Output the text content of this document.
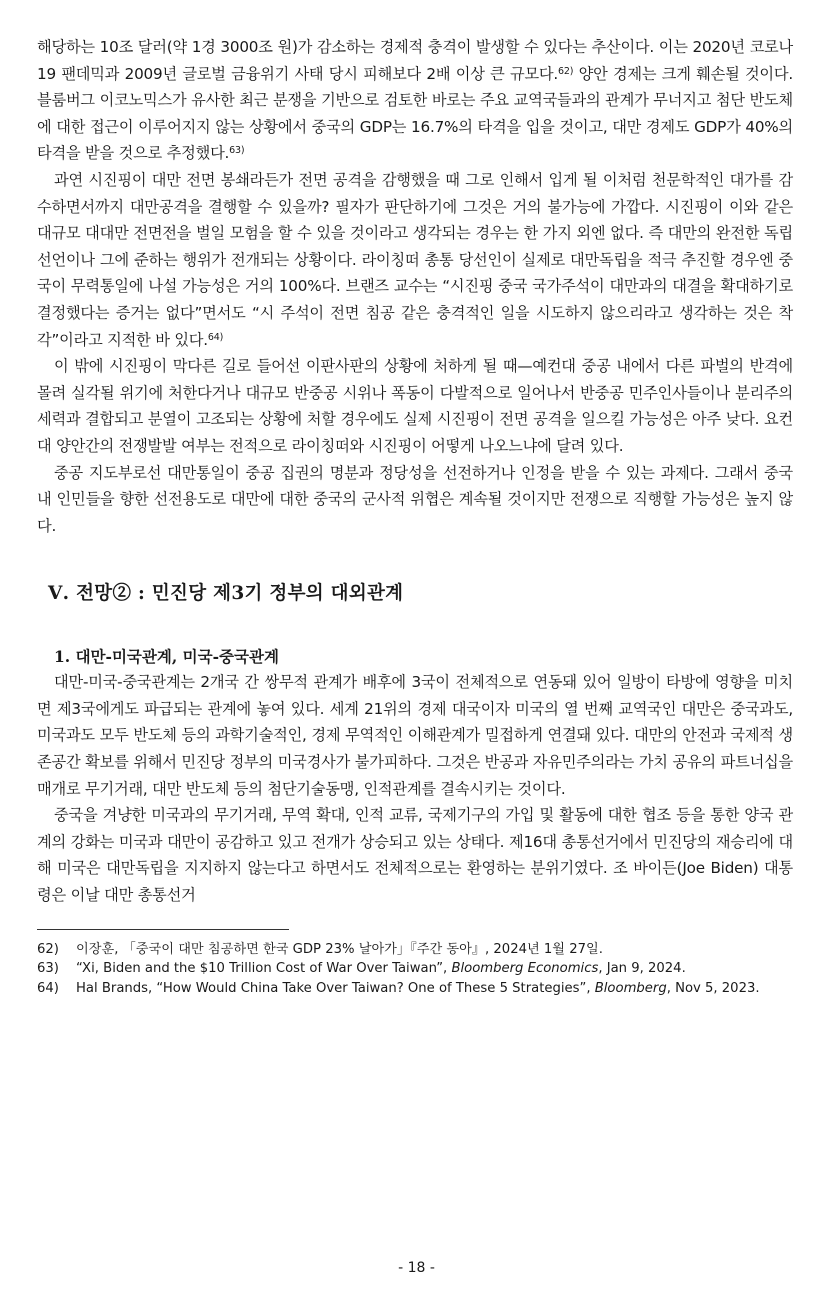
해당하는 10조 달러(약 1경 3000조 원)가 감소하는 경제적 충격이 발생할 수 있다는 추산이다. 이는 2020년 코로나19 팬데믹과 2009년 글로벌 금융위기 사태 당시 피해보다 2배 이상 큰 규모다.$^{62)}$ 양안 경제는 크게 훼손될 것이다. 블룸버그 이코노믹스가 유사한 최근 분쟁을 기반으로 검토한 바로는 주요 교역국들과의 관계가 무너지고 첨단 반도체에 대한 접근이 이루어지지 않는 상황에서 중국의 GDP는 16.7%의 타격을 입을 것이고, 대만 경제도 GDP가 40%의 타격을 받을 것으로 추정했다.$^{63)}$

과연 시진핑이 대만 전면 봉쇄라든가 전면 공격을 감행했을 때 그로 인해서 입게 될 이처럼 천문학적인 대가를 감수하면서까지 대만공격을 결행할 수 있을까? 필자가 판단하기에 그것은 거의 불가능에 가깝다. 시진핑이 이와 같은 대규모 대대만 전면전을 벌일 모험을 할 수 있을 것이라고 생각되는 경우는 한 가지 외엔 없다. 즉 대만의 완전한 독립선언이나 그에 준하는 행위가 전개되는 상황이다. 라이칭떠 총통 당선인이 실제로 대만독립을 적극 추진할 경우엔 중국이 무력통일에 나설 가능성은 거의 100%다. 브랜즈 교수는 “시진핑 중국 국가주석이 대만과의 대결을 확대하기로 결정했다는 증거는 없다”면서도 “시 주석이 전면 침공 같은 충격적인 일을 시도하지 않으리라고 생각하는 것은 착각”이라고 지적한 바 있다.$^{64)}$

이 밖에 시진핑이 막다른 길로 들어선 이판사판의 상황에 처하게 될 때—예컨대 중공 내에서 다른 파벌의 반격에 몰려 실각될 위기에 처한다거나 대규모 반중공 시위나 폭동이 다발적으로 일어나서 반중공 민주인사들이나 분리주의세력과 결합되고 분열이 고조되는 상황에 처할 경우에도 실제 시진핑이 전면 공격을 일으킬 가능성은 아주 낮다. 요컨대 양안간의 전쟁발발 여부는 전적으로 라이칭떠와 시진핑이 어떻게 나오느냐에 달려 있다.

중공 지도부로선 대만통일이 중공 집권의 명분과 정당성을 선전하거나 인정을 받을 수 있는 과제다. 그래서 중국 내 인민들을 향한 선전용도로 대만에 대한 중국의 군사적 위협은 계속될 것이지만 전쟁으로 직행할 가능성은 높지 않다.

Ⅴ. 전망② : 민진당 제3기 정부의 대외관계
1. 대만-미국관계, 미국-중국관계

대만-미국-중국관계는 2개국 간 쌍무적 관계가 배후에 3국이 전체적으로 연동돼 있어 일방이 타방에 영향을 미치면 제3국에게도 파급되는 관계에 놓여 있다. 세계 21위의 경제 대국이자 미국의 열 번째 교역국인 대만은 중국과도, 미국과도 모두 반도체 등의 과학기술적인, 경제 무역적인 이해관계가 밀접하게 연결돼 있다. 대만의 안전과 국제적 생존공간 확보를 위해서 민진당 정부의 미국경사가 불가피하다. 그것은 반공과 자유민주의라는 가치 공유의 파트너십을 매개로 무기거래, 대만 반도체 등의 첨단기술동맹, 인적관계를 결속시키는 것이다.

중국을 겨냥한 미국과의 무기거래, 무역 확대, 인적 교류, 국제기구의 가입 및 활동에 대한 협조 등을 통한 양국 관계의 강화는 미국과 대만이 공감하고 있고 전개가 상승되고 있는 상태다. 제16대 총통선거에서 민진당의 재승리에 대해 미국은 대만독립을 지지하지 않는다고 하면서도 전체적으로는 환영하는 분위기였다. 조 바이든(Joe Biden) 대통령은 이날 대만 총통선거

62)	이장훈, 「중국이 대만 침공하면 한국 GDP 23% 날아가」『주간 동아』, 2024년 1월 27일.
63)	“Xi, Biden and the $10 Trillion Cost of War Over Taiwan”, Bloomberg Economics, Jan 9, 2024.
64)	Hal Brands, “How Would China Take Over Taiwan? One of These 5 Strategies”, Bloomberg, Nov 5, 2023.
- 18 -
